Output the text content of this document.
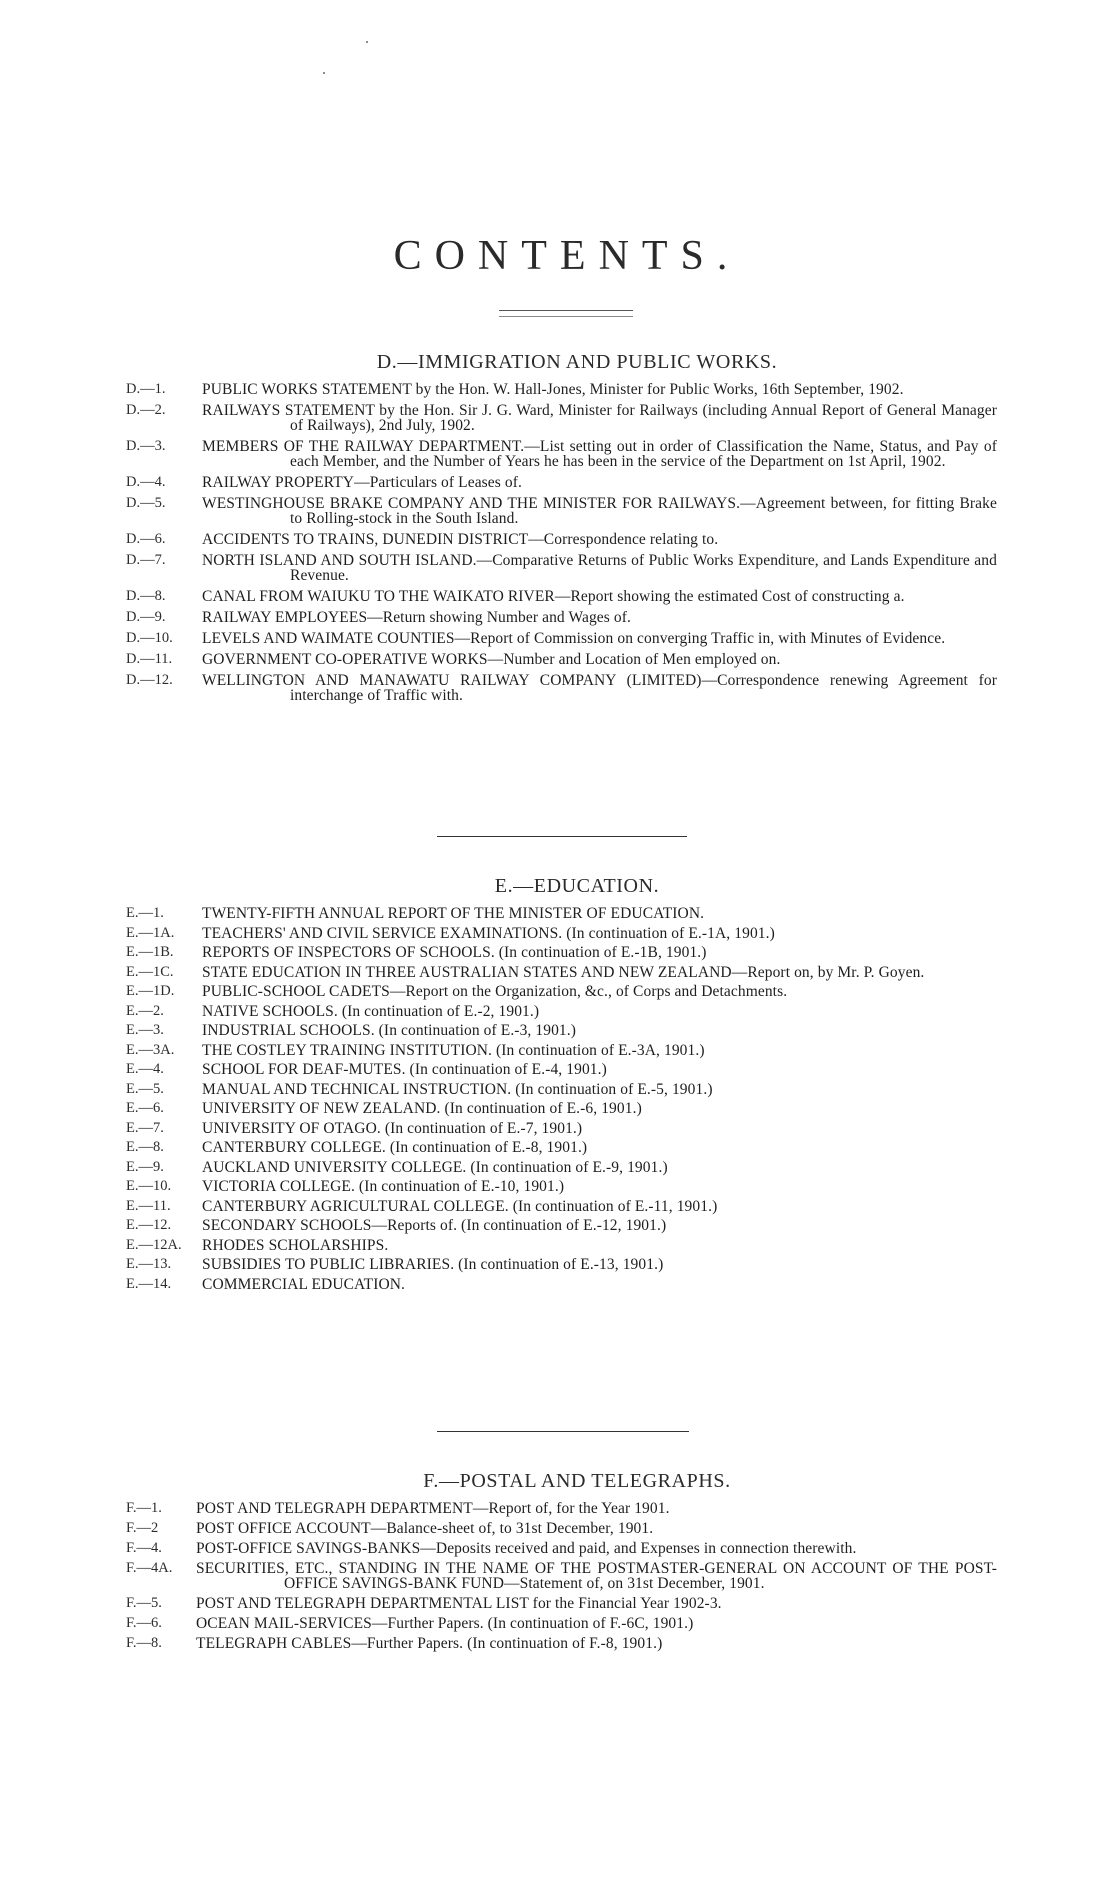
CONTENTS.
D.—IMMIGRATION AND PUBLIC WORKS.
D.—1.	PUBLIC WORKS STATEMENT by the Hon. W. Hall-Jones, Minister for Public Works, 16th September, 1902.
D.—2.	RAILWAYS STATEMENT by the Hon. Sir J. G. Ward, Minister for Railways (including Annual Report of General Manager of Railways), 2nd July, 1902.
D.—3.	MEMBERS OF THE RAILWAY DEPARTMENT.—List setting out in order of Classification the Name, Status, and Pay of each Member, and the Number of Years he has been in the service of the Department on 1st April, 1902.
D.—4.	RAILWAY PROPERTY—Particulars of Leases of.
D.—5.	WESTINGHOUSE BRAKE COMPANY AND THE MINISTER FOR RAILWAYS.—Agreement between, for fitting Brake to Rolling-stock in the South Island.
D.—6.	ACCIDENTS TO TRAINS, DUNEDIN DISTRICT—Correspondence relating to.
D.—7.	NORTH ISLAND AND SOUTH ISLAND.—Comparative Returns of Public Works Expenditure, and Lands Expenditure and Revenue.
D.—8.	CANAL FROM WAIUKU TO THE WAIKATO RIVER—Report showing the estimated Cost of constructing a.
D.—9.	RAILWAY EMPLOYEES—Return showing Number and Wages of.
D.—10.	LEVELS AND WAIMATE COUNTIES—Report of Commission on converging Traffic in, with Minutes of Evidence.
D.—11.	GOVERNMENT CO-OPERATIVE WORKS—Number and Location of Men employed on.
D.—12.	WELLINGTON AND MANAWATU RAILWAY COMPANY (LIMITED)—Correspondence renewing Agreement for interchange of Traffic with.
E.—EDUCATION.
E.—1.	TWENTY-FIFTH ANNUAL REPORT OF THE MINISTER OF EDUCATION.
E.—1A.	TEACHERS' AND CIVIL SERVICE EXAMINATIONS. (In continuation of E.-1A, 1901.)
E.—1B.	REPORTS OF INSPECTORS OF SCHOOLS. (In continuation of E.-1B, 1901.)
E.—1C.	STATE EDUCATION IN THREE AUSTRALIAN STATES AND NEW ZEALAND—Report on, by Mr. P. Goyen.
E.—1D.	PUBLIC-SCHOOL CADETS—Report on the Organization, &c., of Corps and Detachments.
E.—2.	NATIVE SCHOOLS. (In continuation of E.-2, 1901.)
E.—3.	INDUSTRIAL SCHOOLS. (In continuation of E.-3, 1901.)
E.—3A.	THE COSTLEY TRAINING INSTITUTION. (In continuation of E.-3A, 1901.)
E.—4.	SCHOOL FOR DEAF-MUTES. (In continuation of E.-4, 1901.)
E.—5.	MANUAL AND TECHNICAL INSTRUCTION. (In continuation of E.-5, 1901.)
E.—6.	UNIVERSITY OF NEW ZEALAND. (In continuation of E.-6, 1901.)
E.—7.	UNIVERSITY OF OTAGO. (In continuation of E.-7, 1901.)
E.—8.	CANTERBURY COLLEGE. (In continuation of E.-8, 1901.)
E.—9.	AUCKLAND UNIVERSITY COLLEGE. (In continuation of E.-9, 1901.)
E.—10.	VICTORIA COLLEGE. (In continuation of E.-10, 1901.)
E.—11.	CANTERBURY AGRICULTURAL COLLEGE. (In continuation of E.-11, 1901.)
E.—12.	SECONDARY SCHOOLS—Reports of. (In continuation of E.-12, 1901.)
E.—12A.	RHODES SCHOLARSHIPS.
E.—13.	SUBSIDIES TO PUBLIC LIBRARIES. (In continuation of E.-13, 1901.)
E.—14.	COMMERCIAL EDUCATION.
F.—POSTAL AND TELEGRAPHS.
F.—1.	POST AND TELEGRAPH DEPARTMENT—Report of, for the Year 1901.
F.—2	POST OFFICE ACCOUNT—Balance-sheet of, to 31st December, 1901.
F.—4.	POST-OFFICE SAVINGS-BANKS—Deposits received and paid, and Expenses in connection therewith.
F.—4A.	SECURITIES, ETC., STANDING IN THE NAME OF THE POSTMASTER-GENERAL ON ACCOUNT OF THE POST-OFFICE SAVINGS-BANK FUND—Statement of, on 31st December, 1901.
F.—5.	POST AND TELEGRAPH DEPARTMENTAL LIST for the Financial Year 1902-3.
F.—6.	OCEAN MAIL-SERVICES—Further Papers. (In continuation of F.-6C, 1901.)
F.—8.	TELEGRAPH CABLES—Further Papers. (In continuation of F.-8, 1901.)
